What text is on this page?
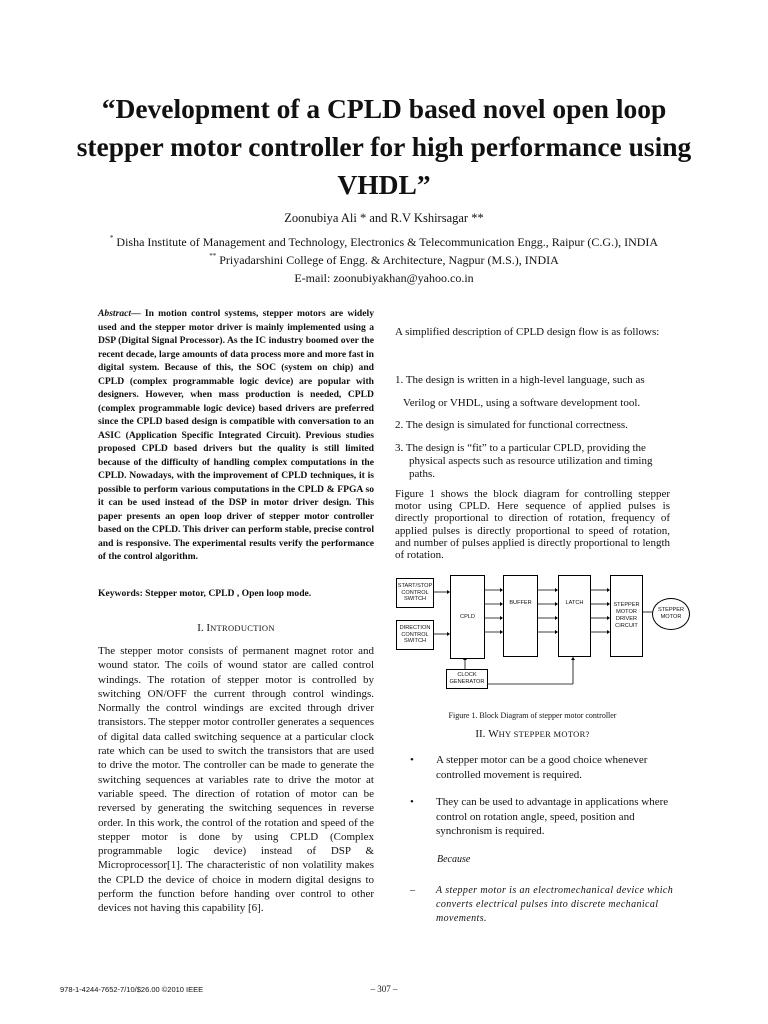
“Development of a CPLD based novel open loop stepper motor controller for high performance using VHDL”
Zoonubiya Ali * and R.V Kshirsagar **
* Disha Institute of Management and Technology, Electronics & Telecommunication Engg., Raipur (C.G.), INDIA
** Priyadarshini College of Engg. & Architecture, Nagpur (M.S.), INDIA
E-mail: zoonubiyakhan@yahoo.co.in
Abstract— In motion control systems, stepper motors are widely used and the stepper motor driver is mainly implemented using a DSP (Digital Signal Processor). As the IC industry boomed over the recent decade, large amounts of data process more and more fast in digital system. Because of this, the SOC (system on chip) and CPLD (complex programmable logic device) are popular with designers. However, when mass production is needed, CPLD (complex programmable logic device) based drivers are preferred since the CPLD based design is compatible with conversation to an ASIC (Application Specific Integrated Circuit). Previous studies proposed CPLD based drivers but the quality is still limited because of the difficulty of handling complex computations in the CPLD. Nowadays, with the improvement of CPLD techniques, it is possible to perform various computations in the CPLD & FPGA so it can be used instead of the DSP in motor driver design. This paper presents an open loop driver of stepper motor controller based on the CPLD. This driver can perform stable, precise control and is responsive. The experimental results verify the performance of the control algorithm.
Keywords: Stepper motor, CPLD , Open loop mode.
I. INTRODUCTION
The stepper motor consists of permanent magnet rotor and wound stator. The coils of wound stator are called control windings. The rotation of stepper motor is controlled by switching ON/OFF the current through control windings. Normally the control windings are excited through driver transistors. The stepper motor controller generates a sequences of digital data called switching sequence at a particular clock rate which can be used to switch the transistors that are used to drive the motor. The controller can be made to generate the switching sequences at variables rate to drive the motor at variable speed. The direction of rotation of motor can be reversed by generating the switching sequences in reverse order. In this work, the control of the rotation and speed of the stepper motor is done by using CPLD (Complex programmable logic device) instead of DSP & Microprocessor[1]. The characteristic of non volatility makes the CPLD the device of choice in modern digital designs to perform the function before handing over control to other devices not having this capability [6].

A simplified description of CPLD design flow is as follows:

1. The design is written in a high-level language, such as
Verilog or VHDL, using a software development tool.
2. The design is simulated for functional correctness.
3. The design is “fit” to a particular CPLD, providing the
physical aspects such as resource utilization and timing paths.

Figure 1 shows the block diagram for controlling stepper motor using CPLD. Here sequence of applied pulses is directly proportional to direction of rotation, frequency of applied pulses is directly proportional to speed of rotation, and number of pulses applied is directly proportional to length of rotation.

START/STOP CONTROL SWITCH
DIRECTION CONTROL SWITCH
CPLD
BUFFER	LATCH	STEPPER MOTOR DRIVER CIRCUIT
STEPPER MOTOR
CLOCK GENERATOR
Figure 1. Block Diagram of stepper motor controller
II. WHY STEPPER MOTOR?
• A stepper motor can be a good choice whenever controlled movement is required.
• They can be used to advantage in applications where control on rotation angle, speed, position and synchronism is required.
Because
– A stepper motor is an electromechanical device which converts electrical pulses into discrete mechanical movements.
978-1-4244-7652-7/10/$26.00 ©2010 IEEE	– 307 –
